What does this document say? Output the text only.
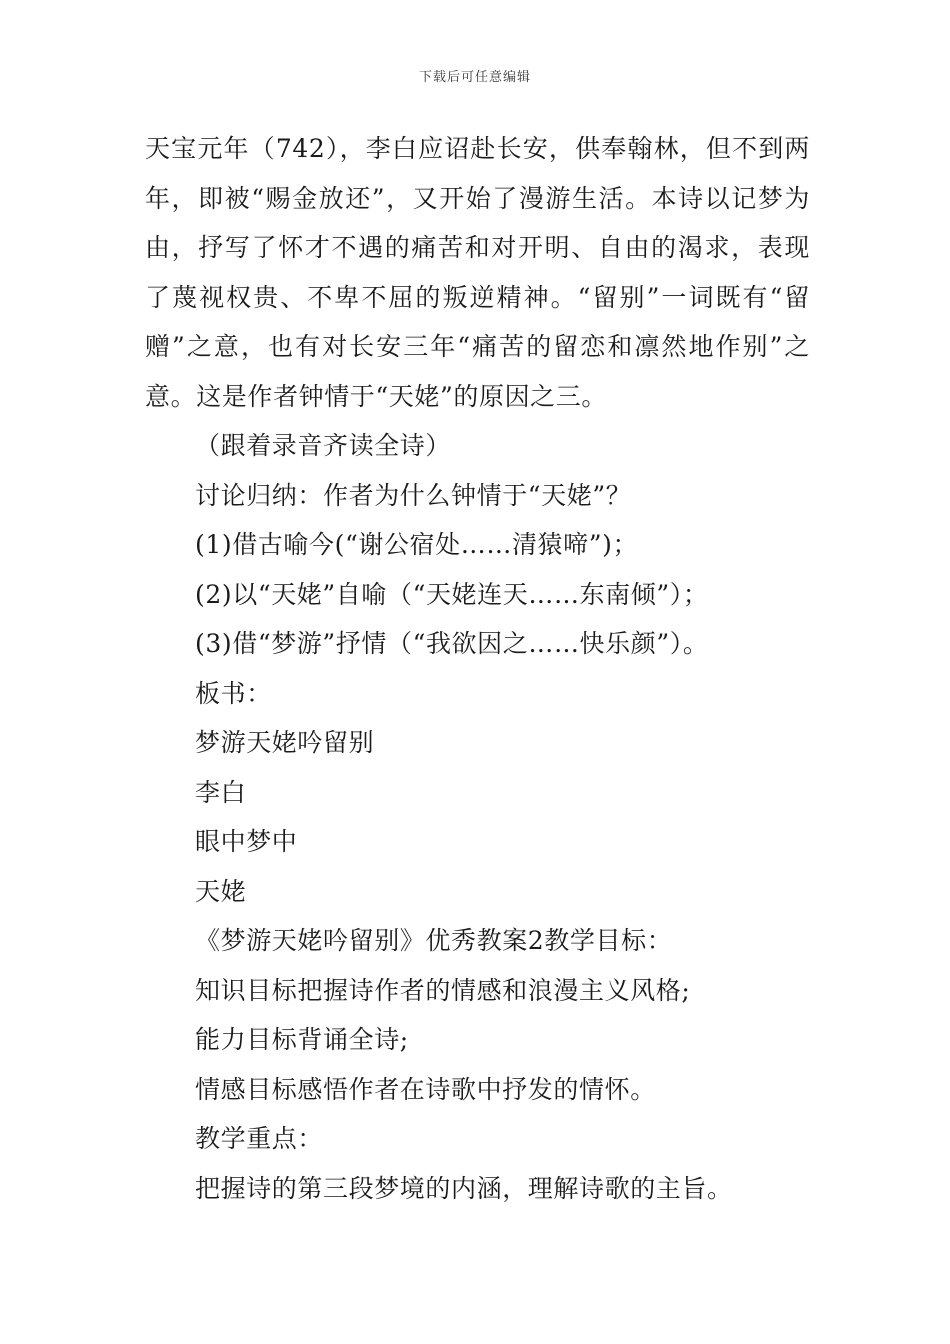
下载后可任意编辑

天宝元年（742），李白应诏赴长安，供奉翰林，但不到两年，即被“赐金放还”，又开始了漫游生活。本诗以记梦为由，抒写了怀才不遇的痛苦和对开明、自由的渴求，表现了蔑视权贵、不卑不屈的叛逆精神。“留别”一词既有“留赠”之意，也有对长安三年“痛苦的留恋和凛然地作别”之意。这是作者钟情于“天姥”的原因之三。

（跟着录音齐读全诗）

讨论归纳：作者为什么钟情于“天姥”？

(1)借古喻今(“谢公宿处……清猿啼”)；

(2)以“天姥”自喻（“天姥连天……东南倾”）；

(3)借“梦游”抒情（“我欲因之……快乐颜”）。

板书：

梦游天姥吟留别

李白

眼中梦中

天姥

《梦游天姥吟留别》优秀教案2教学目标：

知识目标把握诗作者的情感和浪漫主义风格;

能力目标背诵全诗;

情感目标感悟作者在诗歌中抒发的情怀。

教学重点：

把握诗的第三段梦境的内涵，理解诗歌的主旨。
